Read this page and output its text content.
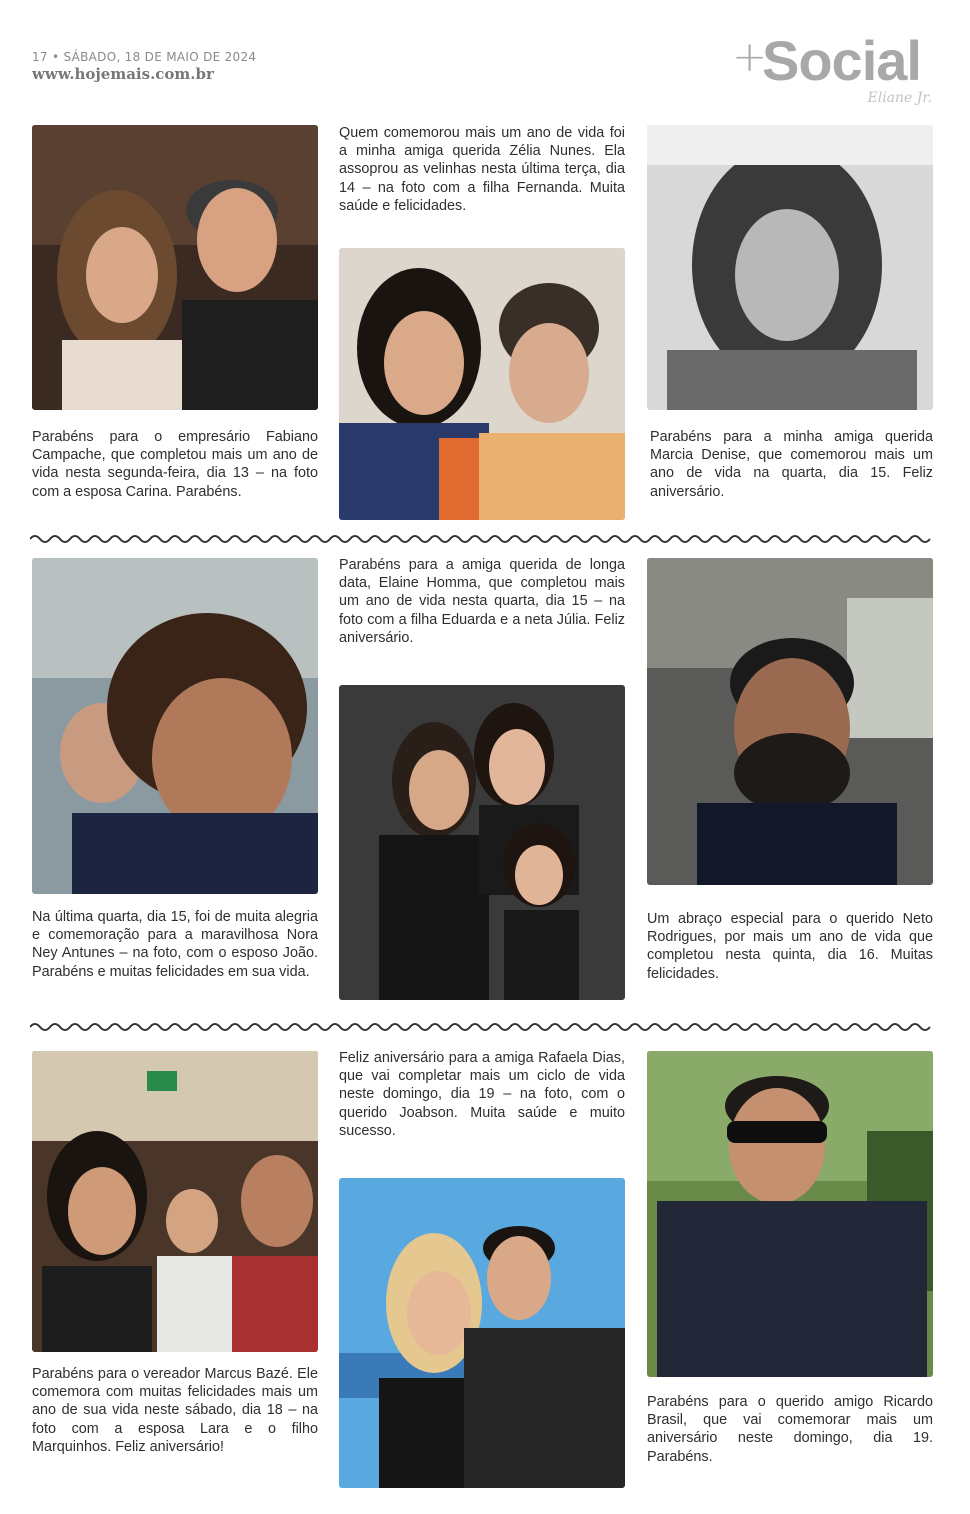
17 • SÁBADO, 18 DE MAIO DE 2024
www.hojemais.com.br	+
Social
Eliane Jr.
Parabéns para o empresário Fabiano Campache, que completou mais um ano de vida nesta segunda-feira, dia 13 – na foto com a esposa Carina. Parabéns.
Quem comemorou mais um ano de vida foi a minha amiga querida Zélia Nunes. Ela assoprou as velinhas nesta última terça, dia 14 – na foto com a filha Fernanda. Muita saúde e felicidades.
Parabéns para a minha amiga querida Marcia Denise, que comemorou mais um ano de vida na quarta, dia 15. Feliz aniversário.
Na última quarta, dia 15, foi de muita alegria e comemoração para a maravilhosa Nora Ney Antunes – na foto, com o esposo João. Parabéns e muitas felicidades em sua vida.
Parabéns para a amiga querida de longa data, Elaine Homma, que completou mais um ano de vida nesta quarta, dia 15 – na foto com a filha Eduarda e a neta Júlia. Feliz aniversário.
Um abraço especial para o querido Neto Rodrigues, por mais um ano de vida que completou nesta quinta, dia 16. Muitas felicidades.
Parabéns para o vereador Marcus Bazé. Ele comemora com muitas felicidades mais um ano de sua vida neste sábado, dia 18 – na foto com a esposa Lara e o filho Marquinhos. Feliz aniversário!
Feliz aniversário para a amiga Rafaela Dias, que vai completar mais um ciclo de vida neste domingo, dia 19 – na foto, com o querido Joabson. Muita saúde e muito sucesso.
Parabéns para o querido amigo Ricardo Brasil, que vai comemorar mais um aniversário neste domingo, dia 19. Parabéns.
